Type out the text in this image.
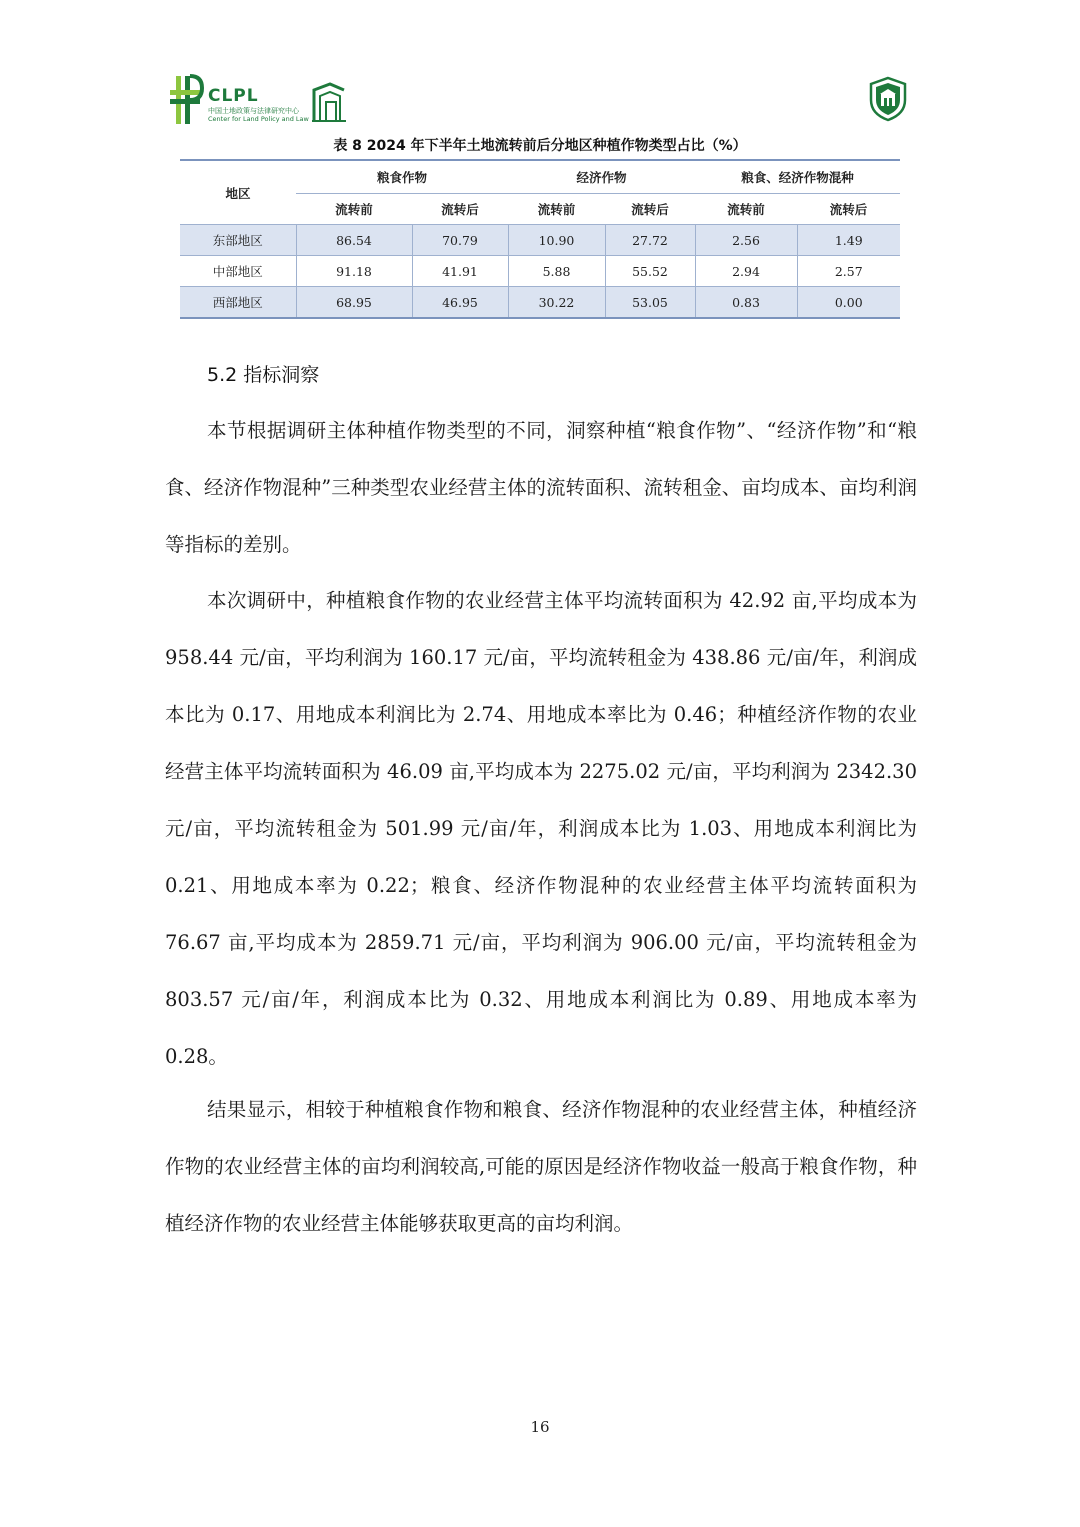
CLPL
中国土地政策与法律研究中心
Center for Land Policy and Law
表 8 2024 年下半年土地流转前后分地区种植作物类型占比（%）
地区	粮食作物		经济作物		粮食、经济作物混种	
	流转前	流转后	流转前	流转后	流转前	流转后
东部地区	86.54	70.79	10.90	27.72	2.56	1.49
中部地区	91.18	41.91	5.88	55.52	2.94	2.57
西部地区	68.95	46.95	30.22	53.05	0.83	0.00
5.2 指标洞察
本节根据调研主体种植作物类型的不同，洞察种植“粮食作物”、“经济作物”和“粮食、经济作物混种”三种类型农业经营主体的流转面积、流转租金、亩均成本、亩均利润等指标的差别。
本次调研中，种植粮食作物的农业经营主体平均流转面积为 42.92 亩,平均成本为 958.44 元/亩，平均利润为 160.17 元/亩，平均流转租金为 438.86 元/亩/年，利润成本比为 0.17、用地成本利润比为 2.74、用地成本率比为 0.46；种植经济作物的农业经营主体平均流转面积为 46.09 亩,平均成本为 2275.02 元/亩，平均利润为 2342.30 元/亩，平均流转租金为 501.99 元/亩/年，利润成本比为 1.03、用地成本利润比为 0.21、用地成本率为 0.22；粮食、经济作物混种的农业经营主体平均流转面积为 76.67 亩,平均成本为 2859.71 元/亩，平均利润为 906.00 元/亩，平均流转租金为 803.57 元/亩/年，利润成本比为 0.32、用地成本利润比为 0.89、用地成本率为 0.28。
结果显示，相较于种植粮食作物和粮食、经济作物混种的农业经营主体，种植经济作物的农业经营主体的亩均利润较高,可能的原因是经济作物收益一般高于粮食作物，种植经济作物的农业经营主体能够获取更高的亩均利润。
16
